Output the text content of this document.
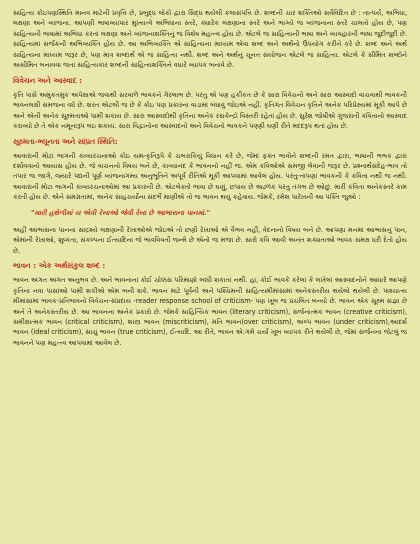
સાહિત્ય કોઇપણસ્થિતિ માનવ માટેની પ્રવૃત્તિ છે, પ્રબુદ્ધ લોકો દ્વારા સિદ્ધ થયેલી કલાસંપત્તિ છે. શબ્દની ચાર શક્તિઓ સર્વવિદિત છે : તાત્પર્ય, અભિધા, લક્ષણા અને વ્યંજના. આપણી ભાષાવ્યાપાર મુખ્યત્વે અભિધાના સ્તરે, ક્યારેક લક્ષણાના સ્તરે અને ભાગ્યે જ વ્યંજનાના સ્તરે ચાલતો હોય છે, પણ સાહિત્યની ભાષામાં અભિધા કરતાં લક્ષણા અને વ્યંજનાશક્તિનું જ વિશેષ મહત્ત્વ હોય છે. એટલે જ સાહિત્યની ભાષા અને વ્યવહારની ભાષા જુદીજુદી છે. સાહિત્યમાં સર્જકની અભિવ્યક્તિ હોય છે. આ અભિવ્યક્તિ એ સાહિત્યના માધ્યમ એવા શબ્દ અને અર્થનો ઉપયોગ કરીને કરે છે. શબ્દ અને અર્થ સાહિત્યના માધ્યમ જરૂર છે, પણ માત્ર શબ્દાર્થ એ જ સાહિત્ય નથી. શબ્દ અને અર્થનું ચૂનત સંયોજન એટલે જ સાહિત્ય. એટલે કે સીમિત શબ્દોને અસીમિત બનાવવા જતાં સાહિત્યકાર શબ્દની સાહિત્યશક્તિને વધારે વ્યાપક બનાવે છે.

વિવેચન અને આસ્વાદ :

કૃતિ પાસે અમુકતમુક અપેક્ષાએ જવાથી સરવાળે ભાવકને ગેરલાભ છે. પરંતુ એ પણ હકીકત છે કે સારા વિવેચનો અને સારા આસ્વાદો વાંચવાથી ભાવકની ભાવનલક્ષી સમજના વધે છે. શરત એટલી જ છે કે કોઇ પણ પ્રકારના વાડામાં બંધાવું જોઇએ નહીં. કૃતિગત વિવેચન કૃતિને અનેક પરિપ્રેક્ષ્યમાં મૂકી આપે છે અને એની અનેક સૂક્ષ્મતાઓ પામી શકાય છે. સારા આસ્વાદોથી કૃતિનાં અનેક રસકેન્દ્રો વિસ્તરી રહેતાં હોય છે. સુરેશ જોષીએ ગુજરાતી કવિતાનો આસ્વાદ કરાવ્યો છે તે એક નમૂનારૂપ લઇ શકાય. સારા વિદ્વાનોનાં આસ્વાદનો અને વિવેચનો ભાવકને પણ્ણી ઘણી રીતે મદદરૂપ થતાં હોય છે.

સૂક્ષ્મતા-ભ્યૂનતા અને સાંપ્રત સ્થિતિ:

આવારાની મોટા ભાગની કાવ્યરચનાઓ કોઇ યમત્કૃતિરૂપે કે ચબરાકિયું વિધાન કરે છે, જેમાં ફક્ત ભાવોને શબ્દની રમત દ્વારા, ભાષાની ભભક દ્વારા દર્શાવવાનો આયાસ હોય છે. જે વાચનનો વિષય બને છે, કાવ્યાનંદ કે ભાવનનો નહીં જ. એમ કવિઓએ સમજી લેવાની જરૂર છે. પ્રશ્નાર્થસંદેહ-ભાવ તો તપાર જ જાગે, જ્યારે પદ્યની પૂર્ણ વ્યંજનાગમ્ય અનુભૂતિને અપૂર્વ રીતિએ મૂકી આપવામાં આવેલ હોય. પરંતુ-તાપણાં ભાવકની કે કવિતા નથી જ નથી. આવારાની મોટા ભાગની કાવ્યરચનાઓમાં આ પ્રકારની છે. એટલેક્તો ભાવા છે ઘણું, છપાય છે અઢળક પરંતુ તંગભ છે ઓછું. મારી કવિતા અનેકસ્તરે કામ કરતી હોય છે. એને સમગ્રતામાં, અનેક સાહચર્યોના સંદર્ભે માણીએ તો જ ભાવન થયું કહેવાય. જેમકે, રમેશ પારેખની આ પંક્તિ જુઓ :

"મારી હથેળીમાં ય એવી રેખાઓ જેવી રેખા છે આભાસના પાનમાં."

અહીં આભાસના પાનના સાદ્રશ્યે લક્ષણાની રેખાઓએ જોઇએ તો છણી રેખાઓ એ વૈભવ નહીં, વેદનાનો વિષય બને છે. આપણા મનમાં આભાસનું પાન, એમાંની રેખાઓ, શુષ્કતા, સંકલ્પના ઈત્યાદિના જે ભાવવિવર્તો જન્મે છે એનો જ મજા છે. સારો કવિ આવી અનંત શક્યતાઓ ભાવક સમક્ષ ધરી દેતો હોય છે.

ભાવન : એક અર્થસંકુલ શબ્દ :

ભાવન અંગત અંગત અનુભવ છે. અને ભાવનાનાં કોઈ ચોક્કસ પરિમાણો બાંધી શકાતાં નથી. હા, કોઈ ભાવકે કરેલાં કે લખેલાં આસ્વાદનોને આધારે આપણે કૃતિના નવા પાસાંઓ પામી શકીએ એમ બની શકે. ભાવન માટે પૂર્વની અને પશ્ચિમની સાહિત્યમીમાંસામાં અનેકસ્તરીય થયેલો થયેલી છે. પાશ્ચાત્ય મીમાંસામાં ભાવક-પ્રતિભાવનો વિવેચન-સંપ્રદાય -reader response school of criticism- પણ ખૂબ જ પ્રચલિત બન્યો છે. ભાવન એક સૂક્ષ્મ સંજ્ઞા છે અને તે અનેકસ્તરીય છે. આ ભાવનના અનેક પ્રકારો છે. જેમકે સાહિત્યિક ભાવન (literary criticism), સર્જનાત્મક ભાવન (creative criticism), સમીક્ષાત્મક ભાવન (critical criticism), શાસ્ત્ર ભાવન (miscriticism), મતિ ભાવન(over criticism), અલ્પ ભાવન (under criticism),આદર્શ ભાવન (ideal criticism), સાચું ભાવન (true criticism), ઈત્યાદિ. આ રીતે, ભાવન એ:ગમે ચર્યા ખૂબ વ્યાપક રીતે થયેલી છે, જેમાં સર્જનના જેટલું જ ભાવનને પણ મહત્ત્વ આપવામાં આવેલ છે.
